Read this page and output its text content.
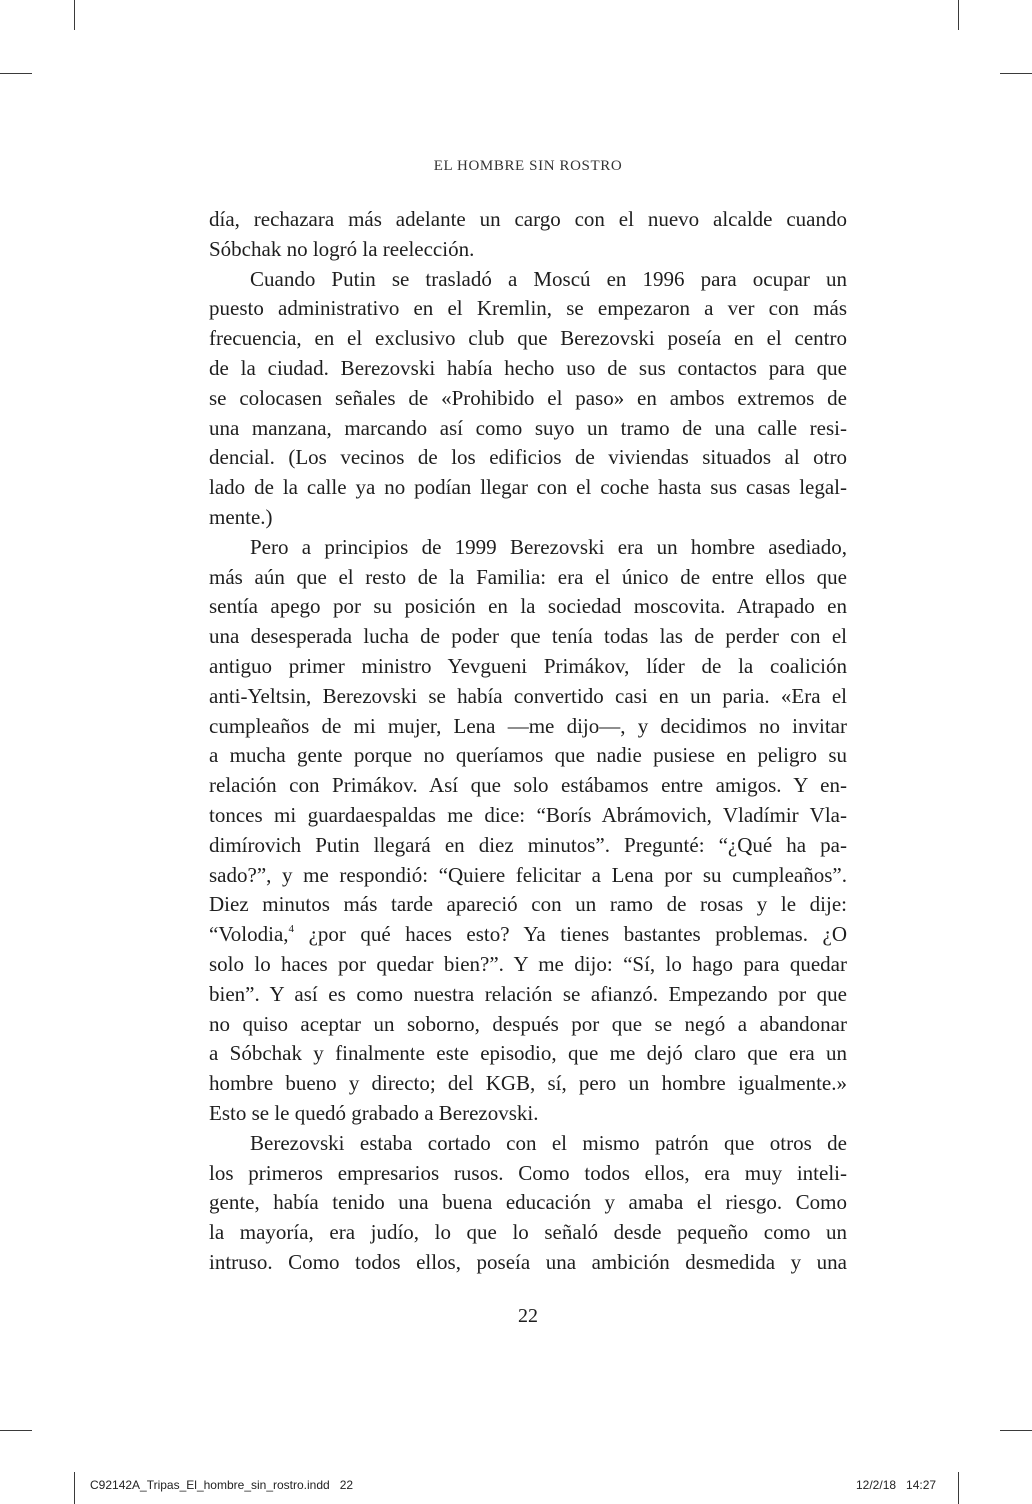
EL HOMBRE SIN ROSTRO
día, rechazara más adelante un cargo con el nuevo alcalde cuando
Sóbchak no logró la reelección.
Cuando Putin se trasladó a Moscú en 1996 para ocupar un
puesto administrativo en el Kremlin, se empezaron a ver con más
frecuencia, en el exclusivo club que Berezovski poseía en el centro
de la ciudad. Berezovski había hecho uso de sus contactos para que
se colocasen señales de «Prohibido el paso» en ambos extremos de
una manzana, marcando así como suyo un tramo de una calle resi-
dencial. (Los vecinos de los edificios de viviendas situados al otro
lado de la calle ya no podían llegar con el coche hasta sus casas legal-
mente.)
Pero a principios de 1999 Berezovski era un hombre asediado,
más aún que el resto de la Familia: era el único de entre ellos que
sentía apego por su posición en la sociedad moscovita. Atrapado en
una desesperada lucha de poder que tenía todas las de perder con el
antiguo primer ministro Yevgueni Primákov, líder de la coalición
anti-Yeltsin, Berezovski se había convertido casi en un paria. «Era el
cumpleaños de mi mujer, Lena —me dijo—, y decidimos no invitar
a mucha gente porque no queríamos que nadie pusiese en peligro su
relación con Primákov. Así que solo estábamos entre amigos. Y en-
tonces mi guardaespaldas me dice: “Borís Abrámovich, Vladímir Vla-
dimírovich Putin llegará en diez minutos”. Pregunté: “¿Qué ha pa-
sado?”, y me respondió: “Quiere felicitar a Lena por su cumpleaños”.
Diez minutos más tarde apareció con un ramo de rosas y le dije:
“Volodia,$^4$ ¿por qué haces esto? Ya tienes bastantes problemas. ¿O
solo lo haces por quedar bien?”. Y me dijo: “Sí, lo hago para quedar
bien”. Y así es como nuestra relación se afianzó. Empezando por que
no quiso aceptar un soborno, después por que se negó a abandonar
a Sóbchak y finalmente este episodio, que me dejó claro que era un
hombre bueno y directo; del KGB, sí, pero un hombre igualmente.»
Esto se le quedó grabado a Berezovski.
Berezovski estaba cortado con el mismo patrón que otros de
los primeros empresarios rusos. Como todos ellos, era muy inteli-
gente, había tenido una buena educación y amaba el riesgo. Como
la mayoría, era judío, lo que lo señaló desde pequeño como un
intruso. Como todos ellos, poseía una ambición desmedida y una
22
C92142A_Tripas_El_hombre_sin_rostro.indd   22	12/2/18   14:27
